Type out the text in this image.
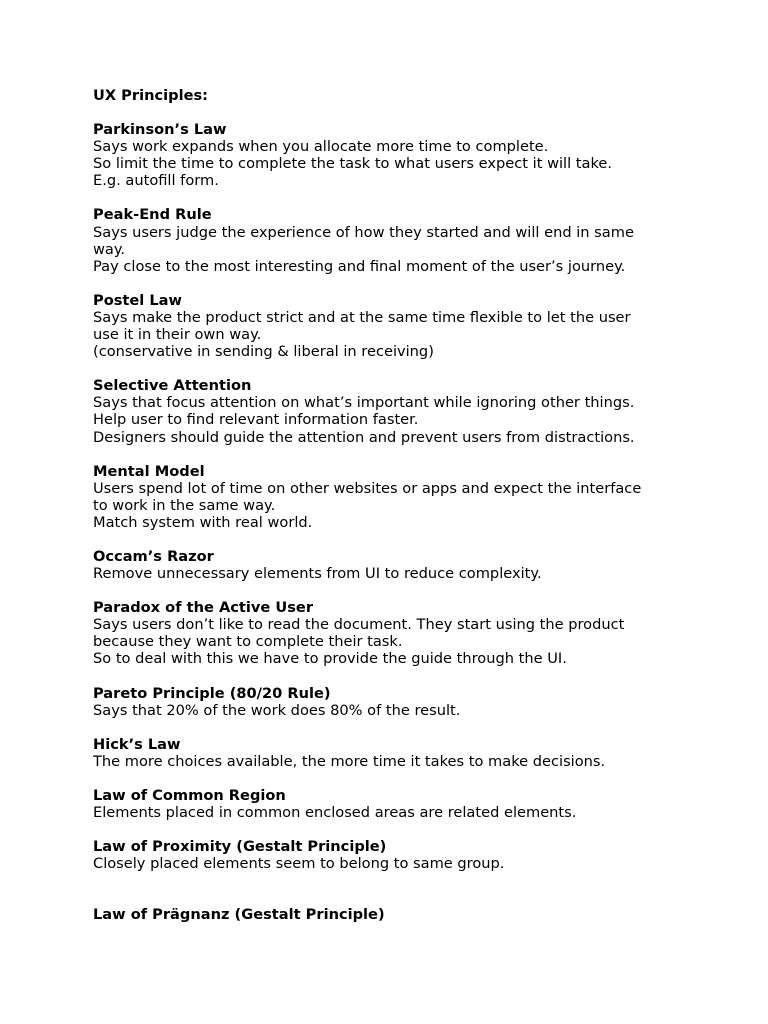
UX Principles:
Parkinson’s Law
Says work expands when you allocate more time to complete.
So limit the time to complete the task to what users expect it will take.
E.g. autofill form.
Peak-End Rule
Says users judge the experience of how they started and will end in same
way.
Pay close to the most interesting and final moment of the user’s journey.
Postel Law
Says make the product strict and at the same time flexible to let the user
use it in their own way.
(conservative in sending & liberal in receiving)
Selective Attention
Says that focus attention on what’s important while ignoring other things.
Help user to find relevant information faster.
Designers should guide the attention and prevent users from distractions.
Mental Model
Users spend lot of time on other websites or apps and expect the interface
to work in the same way.
Match system with real world.
Occam’s Razor
Remove unnecessary elements from UI to reduce complexity.
Paradox of the Active User
Says users don’t like to read the document. They start using the product
because they want to complete their task.
So to deal with this we have to provide the guide through the UI.
Pareto Principle (80/20 Rule)
Says that 20% of the work does 80% of the result.
Hick’s Law
The more choices available, the more time it takes to make decisions.
Law of Common Region
Elements placed in common enclosed areas are related elements.
Law of Proximity (Gestalt Principle)
Closely placed elements seem to belong to same group.
Law of Prägnanz (Gestalt Principle)
